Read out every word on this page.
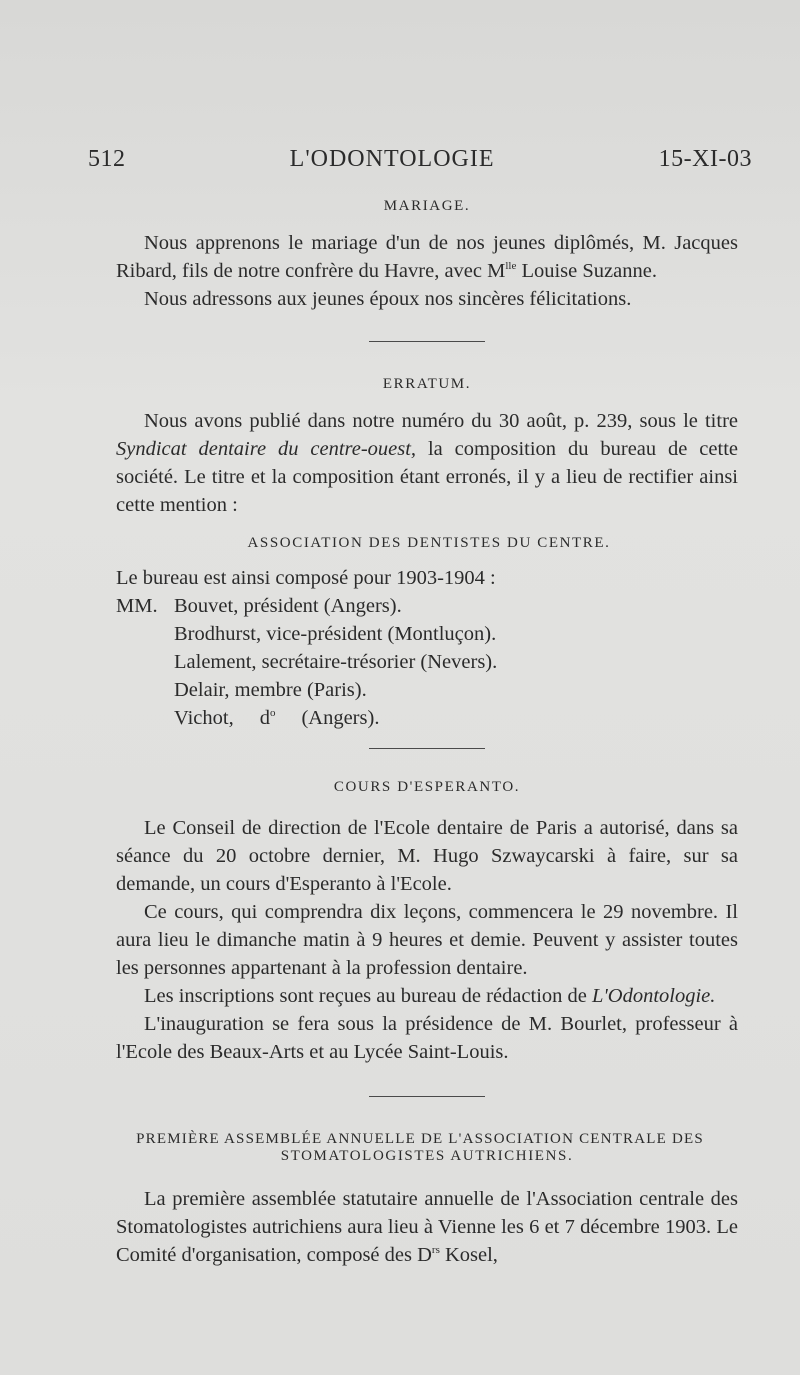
512	L'ODONTOLOGIE	15-XI-03
MARIAGE.

Nous apprenons le mariage d'un de nos jeunes diplômés, M. Jacques Ribard, fils de notre confrère du Havre, avec $M^{lle}$ Louise Suzanne.

Nous adressons aux jeunes époux nos sincères félicitations.

ERRATUM.

Nous avons publié dans notre numéro du 30 août, p. 239, sous le titre Syndicat dentaire du centre-ouest, la composition du bureau de cette société. Le titre et la composition étant erronés, il y a lieu de rectifier ainsi cette mention :

ASSOCIATION DES DENTISTES DU CENTRE.
Le bureau est ainsi composé pour 1903-1904 :
MM. Bouvet, président (Angers).
Brodhurst, vice-président (Montluçon).
Lalement, secrétaire-trésorier (Nevers).
Delair, membre (Paris).
Vichot, $d^o$ (Angers).
COURS D'ESPERANTO.

Le Conseil de direction de l'Ecole dentaire de Paris a autorisé, dans sa séance du 20 octobre dernier, M. Hugo Szwaycarski à faire, sur sa demande, un cours d'Esperanto à l'Ecole.

Ce cours, qui comprendra dix leçons, commencera le 29 novembre. Il aura lieu le dimanche matin à 9 heures et demie. Peuvent y assister toutes les personnes appartenant à la profession dentaire.

Les inscriptions sont reçues au bureau de rédaction de L'Odontologie.

L'inauguration se fera sous la présidence de M. Bourlet, professeur à l'Ecole des Beaux-Arts et au Lycée Saint-Louis.

PREMIÈRE ASSEMBLÉE ANNUELLE DE L'ASSOCIATION CENTRALE DES
STOMATOLOGISTES AUTRICHIENS.

La première assemblée statutaire annuelle de l'Association centrale des Stomatologistes autrichiens aura lieu à Vienne les 6 et 7 décembre 1903. Le Comité d'organisation, composé des $D^{rs}$ Kosel,
